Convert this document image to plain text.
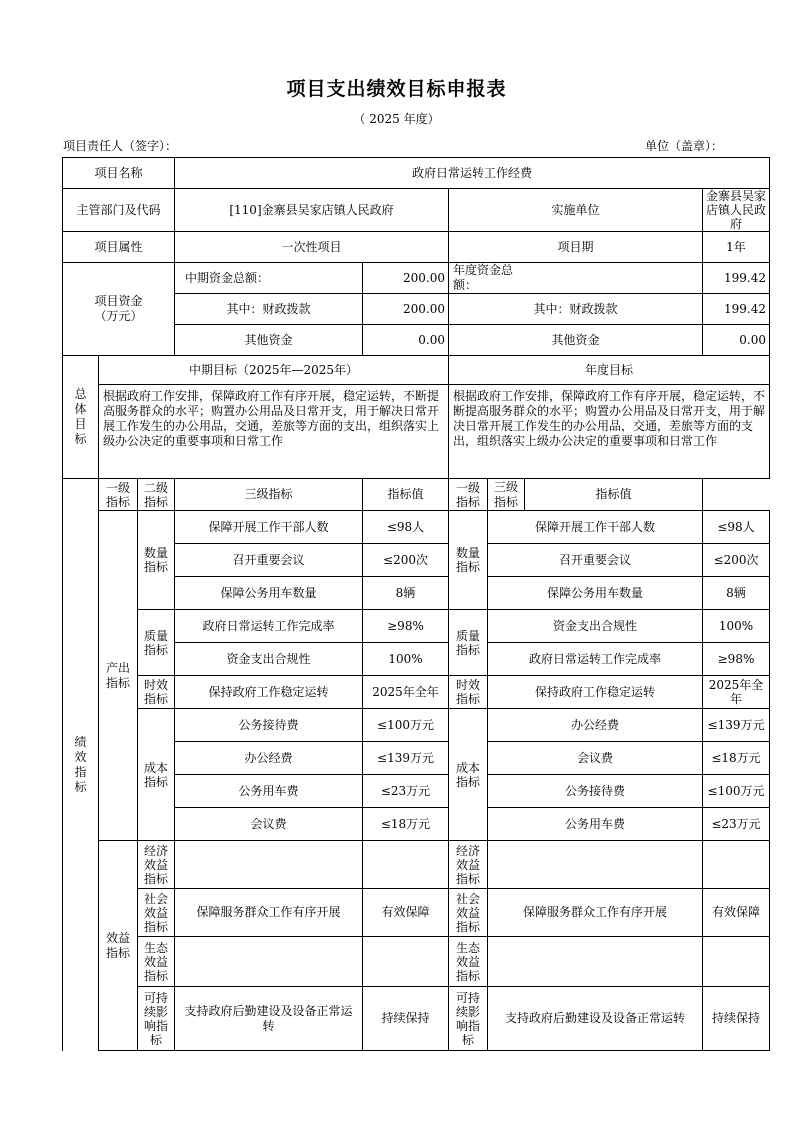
项目支出绩效目标申报表
（ 2025 年度）
项目责任人（签字）：	单位（盖章）：
项目名称			政府日常运转工作经费					
主管部门及代码			[110]金寨县吴家店镇人民政府		实施单位			金寨县吴家店镇人民政府
项目属性			一次性项目		项目期			1年
项目资金（万元）			中期资金总额：	200.00	年度资金总额：			199.42
			其中：财政拨款	200.00	其中：财政拨款			199.42
			其他资金	0.00	其他资金			0.00
总体目标	中期目标（2025年—2025年）				年度目标			
	根据政府工作安排，保障政府工作有序开展，稳定运转，不断提高服务群众的水平；购置办公用品及日常开支，用于解决日常开展工作发生的办公用品，交通，差旅等方面的支出，组织落实上级办公决定的重要事项和日常工作				根据政府工作安排，保障政府工作有序开展，稳定运转，不断提高服务群众的水平；购置办公用品及日常开支，用于解决日常开展工作发生的办公用品，交通，差旅等方面的支出，组织落实上级办公决定的重要事项和日常工作			
绩效指标	一级指标	二级指标	三级指标	指标值	一级指标	三级指标	指标值	
	产出指标	数量指标	保障开展工作干部人数	≤98人	数量指标	保障开展工作干部人数		≤98人
			召开重要会议	≤200次		召开重要会议		≤200次
			保障公务用车数量	8辆		保障公务用车数量		8辆
		质量指标	政府日常运转工作完成率	≥98%	质量指标	资金支出合规性		100%
			资金支出合规性	100%		政府日常运转工作完成率		≥98%
		时效指标	保持政府工作稳定运转	2025年全年	时效指标	保持政府工作稳定运转		2025年全年
		成本指标	公务接待费	≤100万元	成本指标	办公经费		≤139万元
			办公经费	≤139万元		会议费		≤18万元
			公务用车费	≤23万元		公务接待费		≤100万元
			会议费	≤18万元		公务用车费		≤23万元
	效益指标	经济效益指标			经济效益指标			
		社会效益指标	保障服务群众工作有序开展	有效保障	社会效益指标	保障服务群众工作有序开展		有效保障
		生态效益指标			生态效益指标			
		可持续影响指标	支持政府后勤建设及设备正常运转	持续保持	可持续影响指标	支持政府后勤建设及设备正常运转		持续保持
